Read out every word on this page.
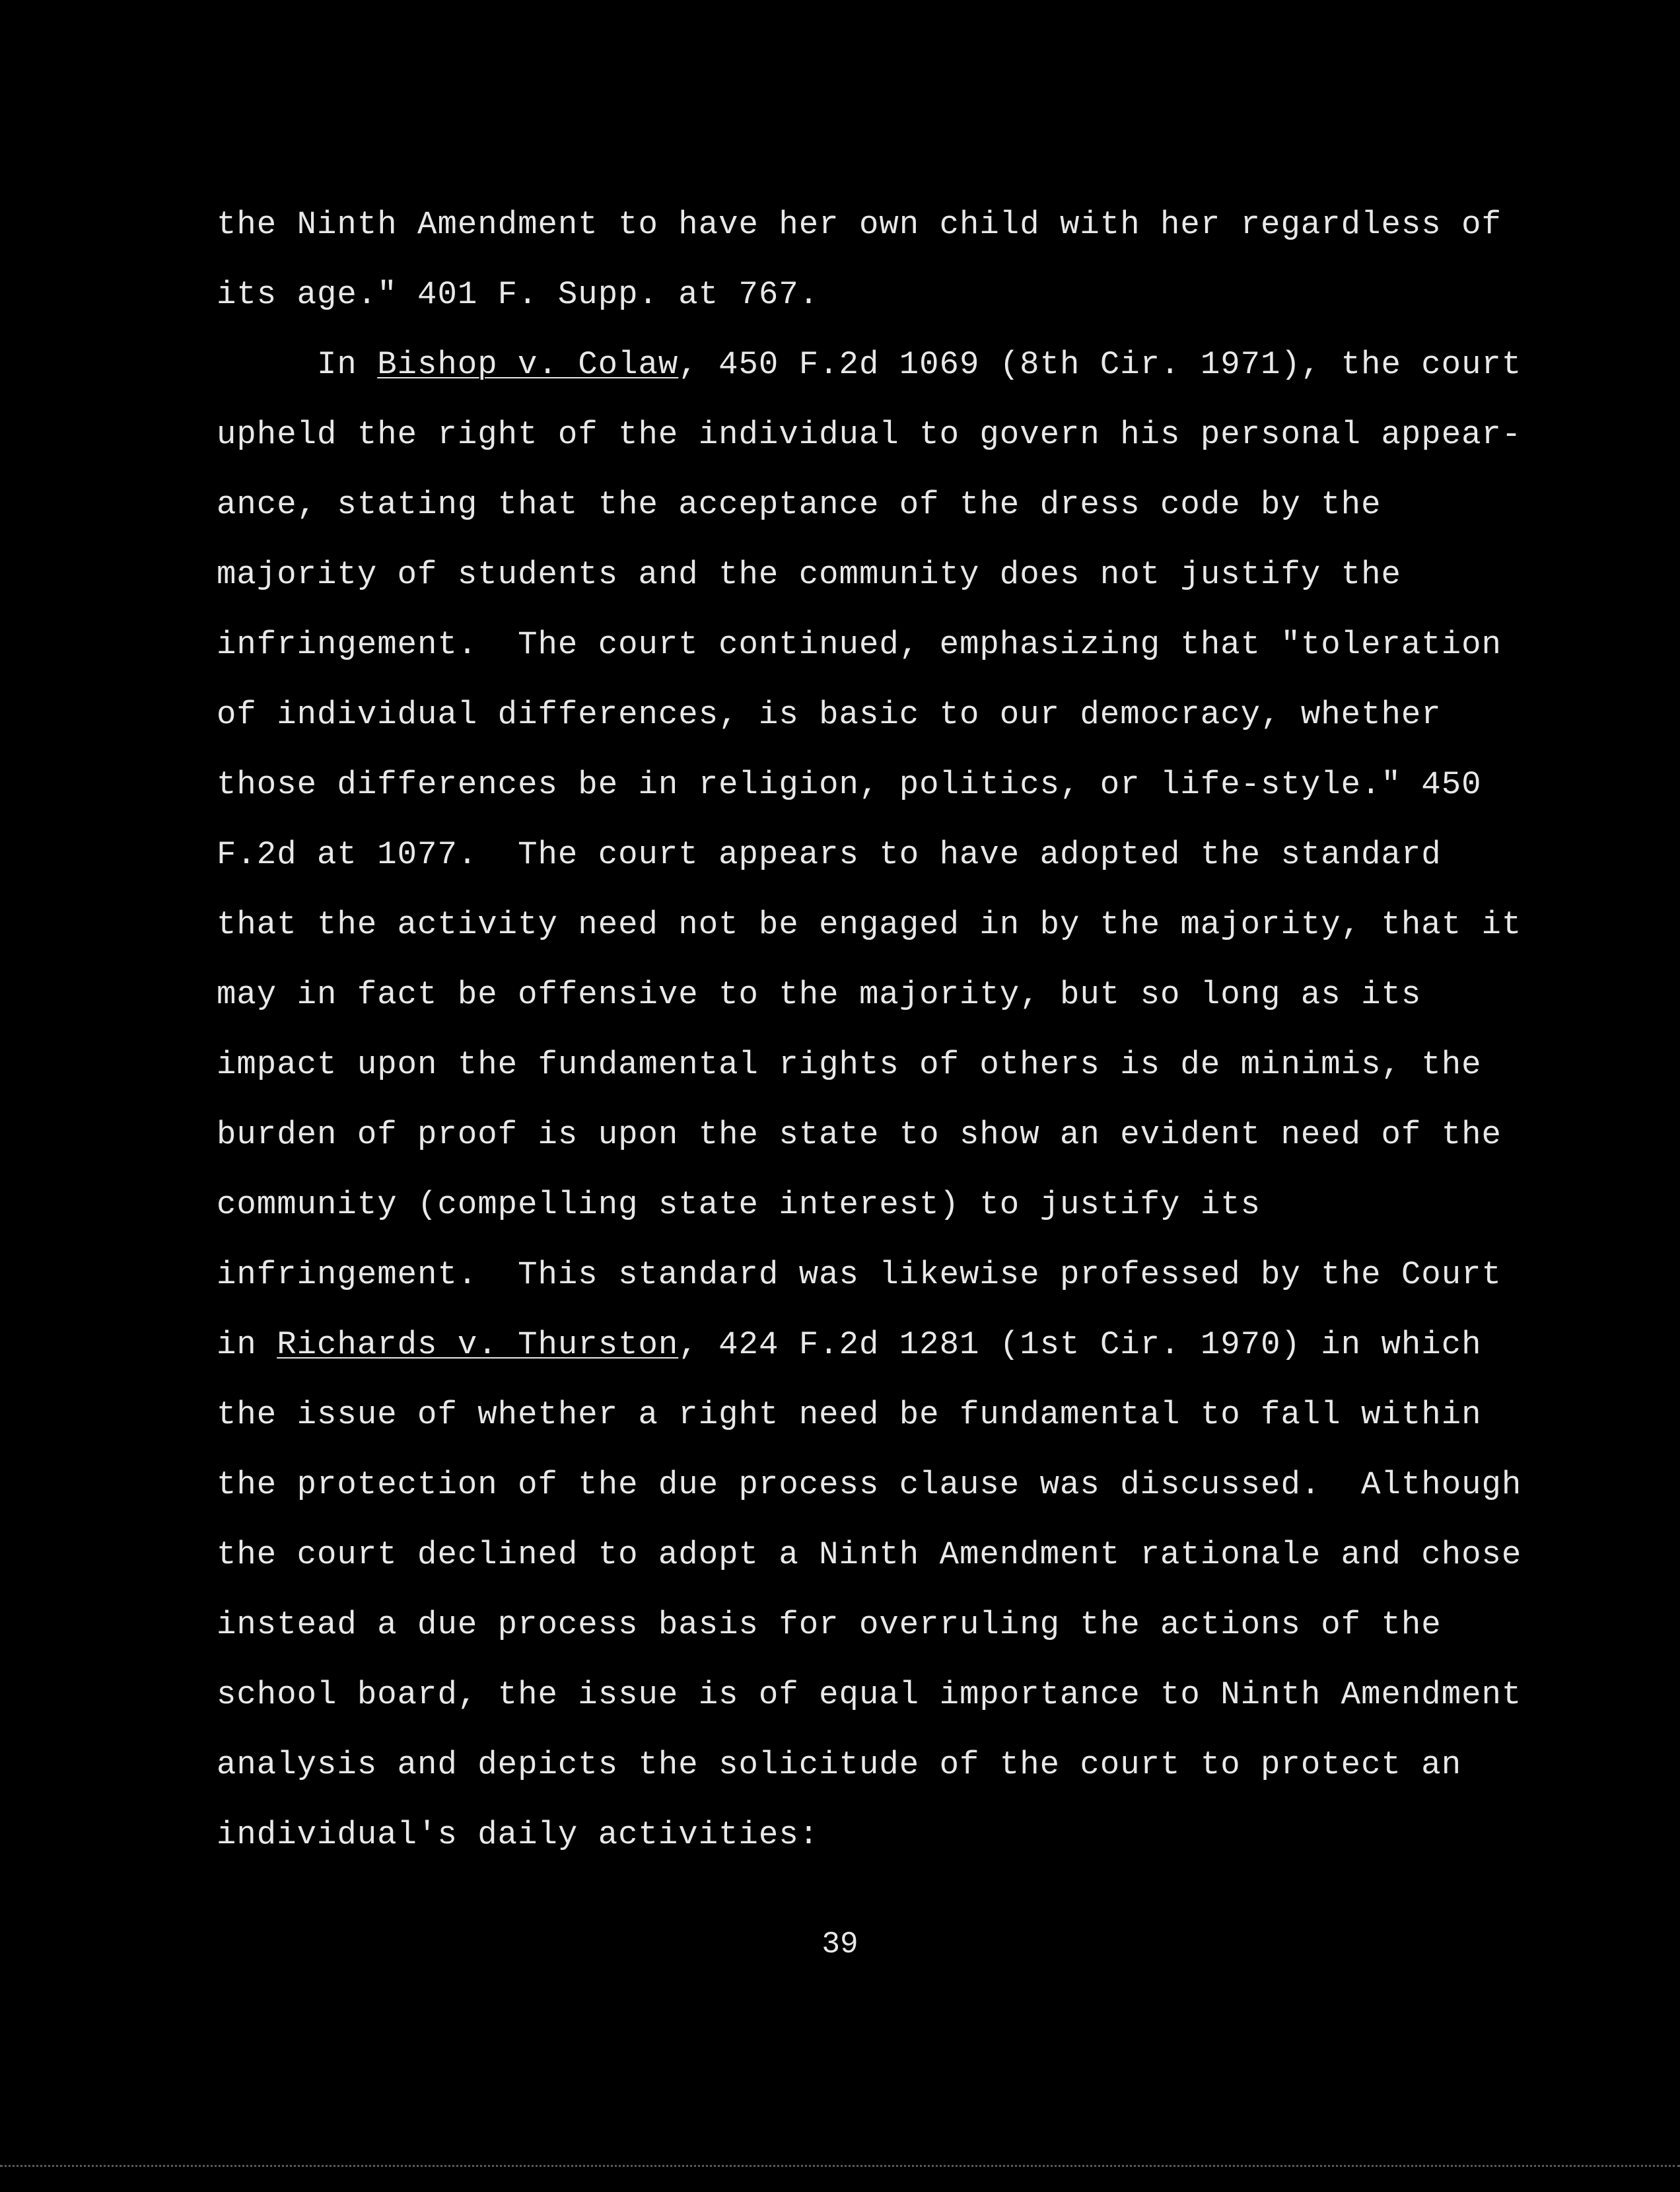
the Ninth Amendment to have her own child with her regardless of
its age." 401 F. Supp. at 767.
In Bishop v. Colaw, 450 F.2d 1069 (8th Cir. 1971), the court
upheld the right of the individual to govern his personal appear-
ance, stating that the acceptance of the dress code by the
majority of students and the community does not justify the
infringement.  The court continued, emphasizing that "toleration
of individual differences, is basic to our democracy, whether
those differences be in religion, politics, or life-style." 450
F.2d at 1077.  The court appears to have adopted the standard
that the activity need not be engaged in by the majority, that it
may in fact be offensive to the majority, but so long as its
impact upon the fundamental rights of others is de minimis, the
burden of proof is upon the state to show an evident need of the
community (compelling state interest) to justify its
infringement.  This standard was likewise professed by the Court
in Richards v. Thurston, 424 F.2d 1281 (1st Cir. 1970) in which
the issue of whether a right need be fundamental to fall within
the protection of the due process clause was discussed.  Although
the court declined to adopt a Ninth Amendment rationale and chose
instead a due process basis for overruling the actions of the
school board, the issue is of equal importance to Ninth Amendment
analysis and depicts the solicitude of the court to protect an
individual's daily activities:
39
